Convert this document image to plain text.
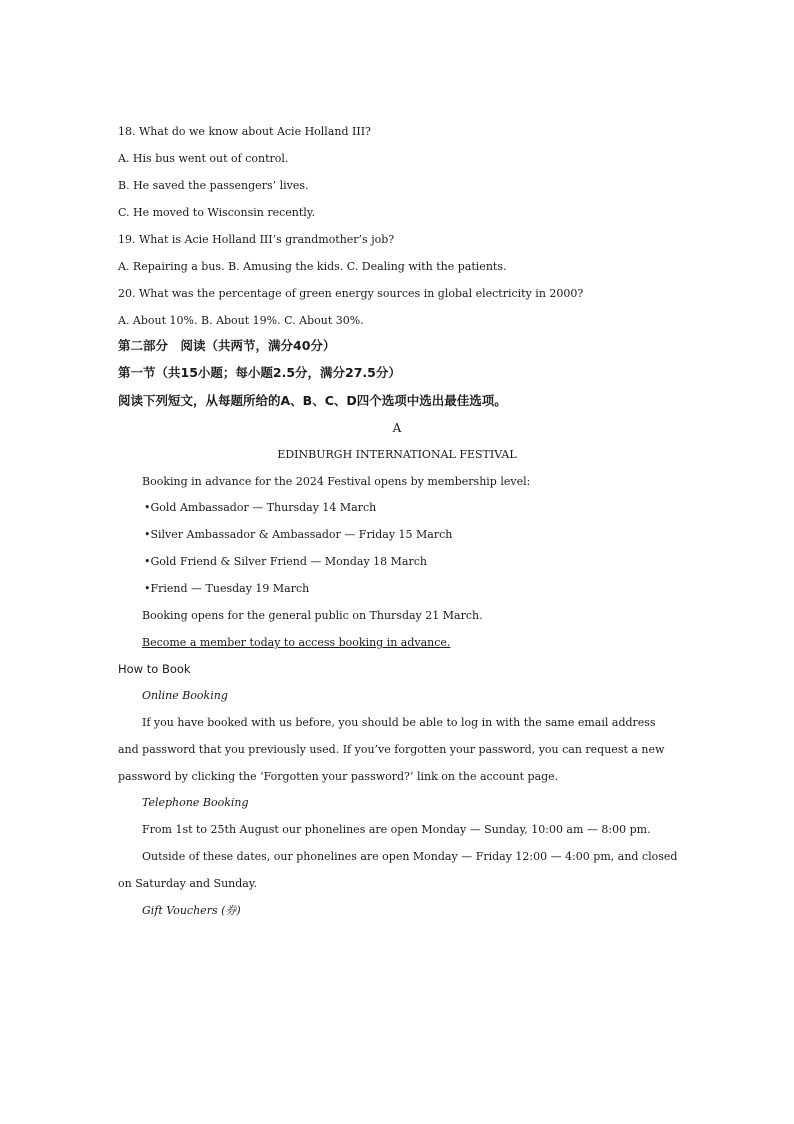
18. What do we know about Acie Holland III?
A. His bus went out of control.
B. He saved the passengers’ lives.
C. He moved to Wisconsin recently.
19. What is Acie Holland III’s grandmother’s job?
A. Repairing a bus. B. Amusing the kids. C. Dealing with the patients.
20. What was the percentage of green energy sources in global electricity in 2000?
A. About 10%. B. About 19%. C. About 30%.
第二部分　阅读（共两节，满分40分）
第一节（共15小题；每小题2.5分，满分27.5分）
阅读下列短文，从每题所给的A、B、C、D四个选项中选出最佳选项。
A
EDINBURGH INTERNATIONAL FESTIVAL
Booking in advance for the 2024 Festival opens by membership level:
•Gold Ambassador — Thursday 14 March
•Silver Ambassador & Ambassador — Friday 15 March
•Gold Friend & Silver Friend — Monday 18 March
•Friend — Tuesday 19 March
Booking opens for the general public on Thursday 21 March.
Become a member today to access booking in advance.
How to Book
Online Booking
If you have booked with us before, you should be able to log in with the same email address
and password that you previously used. If you’ve forgotten your password, you can request a new
password by clicking the ‘Forgotten your password?’ link on the account page.
Telephone Booking
From 1st to 25th August our phonelines are open Monday — Sunday, 10:00 am — 8:00 pm.
Outside of these dates, our phonelines are open Monday — Friday 12:00 — 4:00 pm, and closed
on Saturday and Sunday.
Gift Vouchers (券)
